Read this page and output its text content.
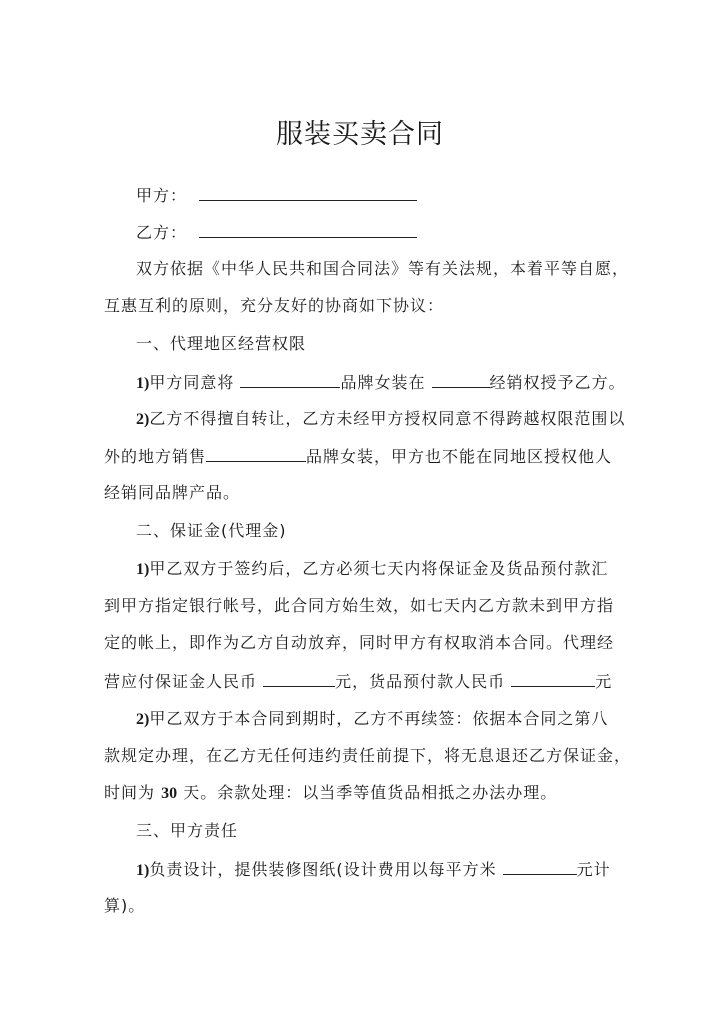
服装买卖合同
甲方：
乙方：
双方依据《中华人民共和国合同法》等有关法规，本着平等自愿，
互惠互利的原则，充分友好的协商如下协议：
一、代理地区经营权限
1)甲方同意将	品牌女装在	经销权授予乙方。
2)乙方不得擅自转让，乙方未经甲方授权同意不得跨越权限范围以
外的地方销售	品牌女装，甲方也不能在同地区授权他人
经销同品牌产品。
二、保证金(代理金)
1)甲乙双方于签约后，乙方必须七天内将保证金及货品预付款汇
到甲方指定银行帐号，此合同方始生效，如七天内乙方款未到甲方指
定的帐上，即作为乙方自动放弃，同时甲方有权取消本合同。代理经
营应付保证金人民币	元，货品预付款人民币	元
2)甲乙双方于本合同到期时，乙方不再续签：依据本合同之第八
款规定办理，在乙方无任何违约责任前提下，将无息退还乙方保证金，
时间为 30 天。余款处理：以当季等值货品相抵之办法办理。
三、甲方责任
1)负责设计，提供装修图纸(设计费用以每平方米	元计
算)。
